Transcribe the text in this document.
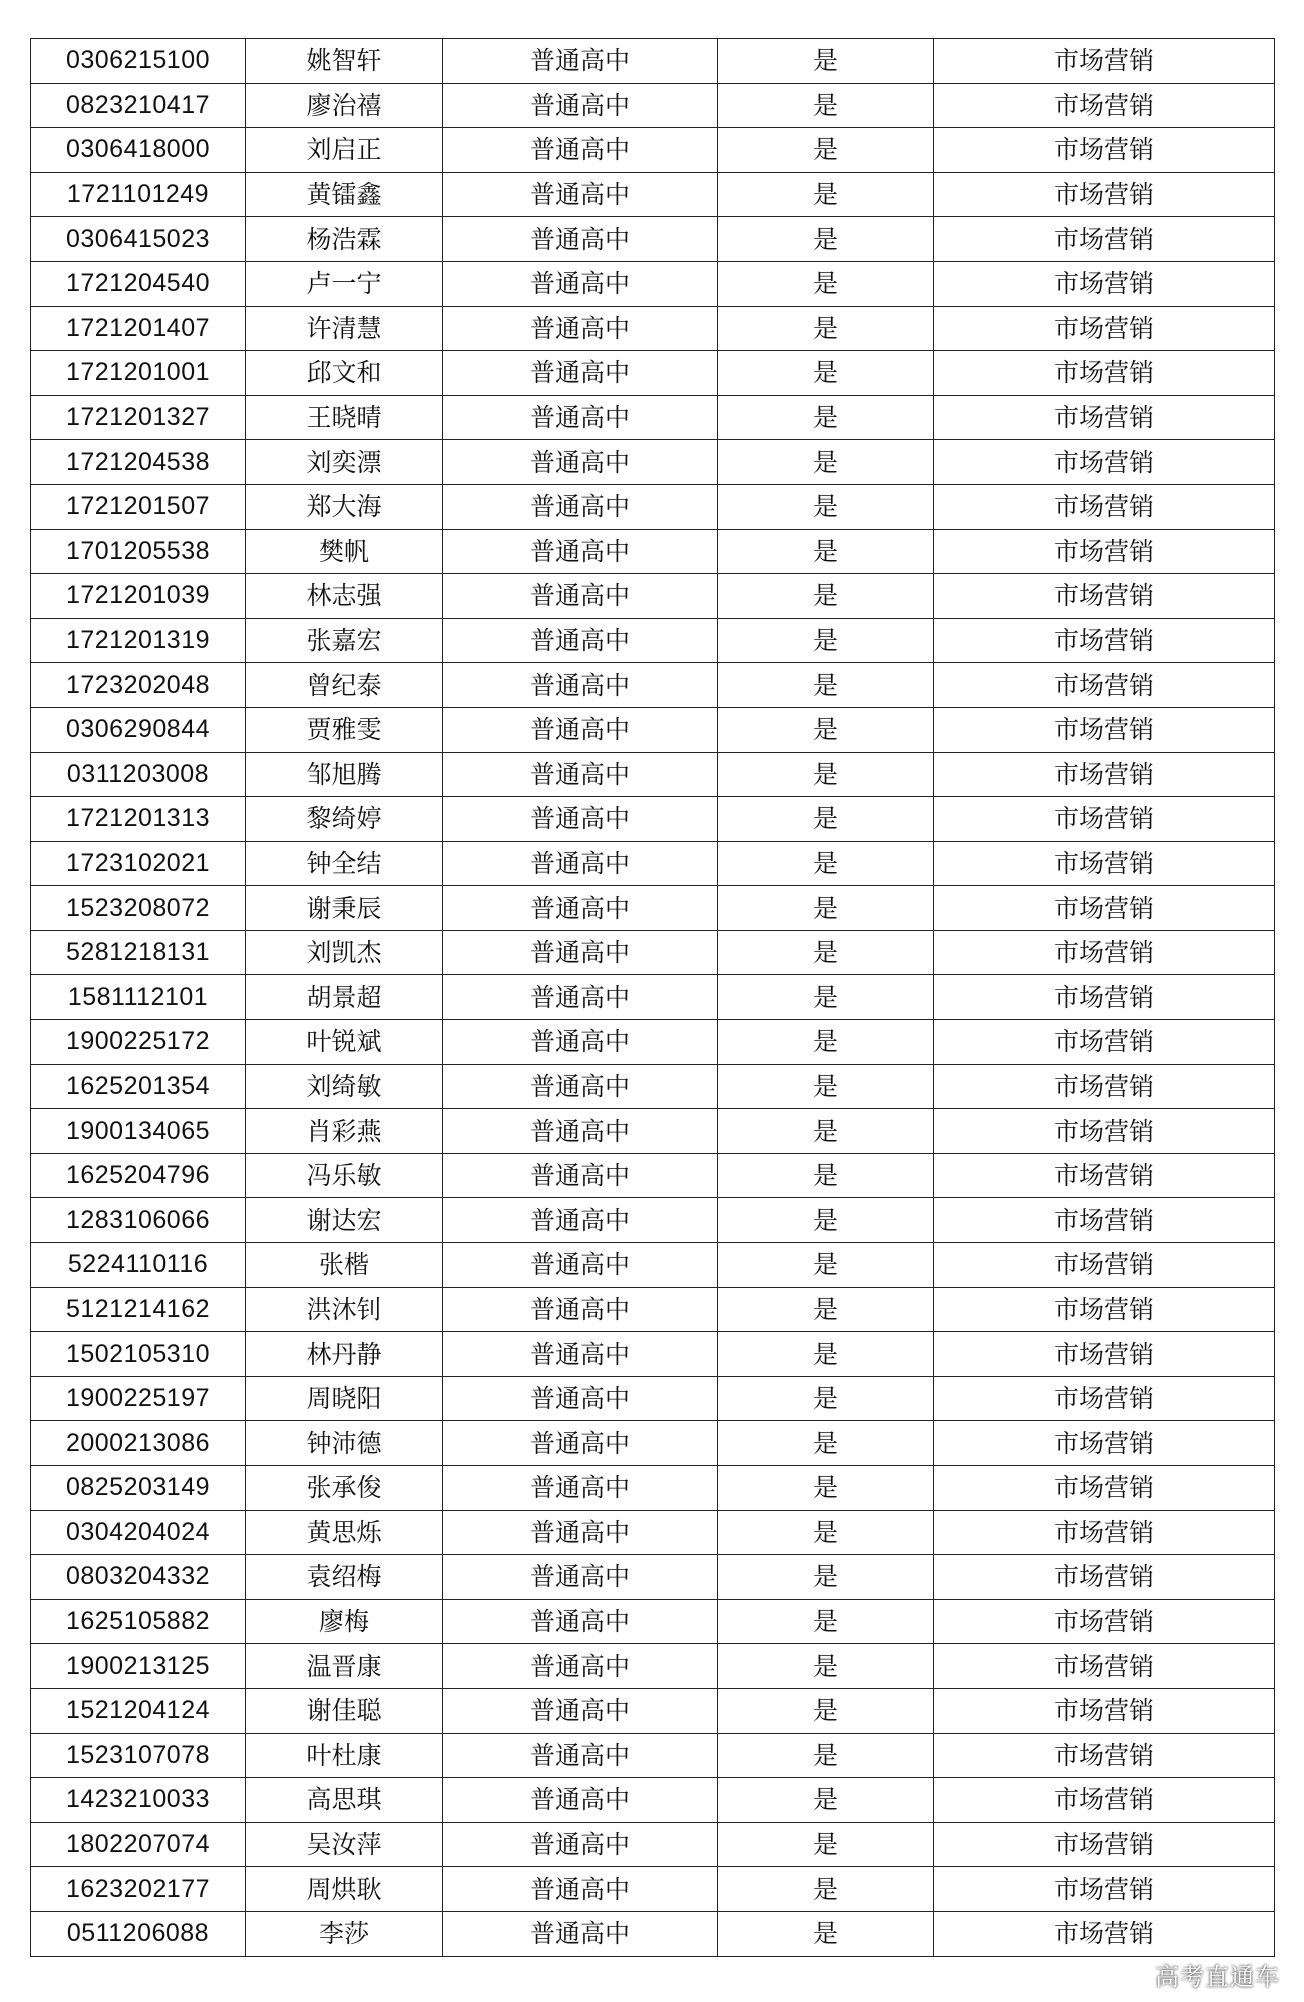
0306215100	姚智轩	普通高中	是	市场营销
0823210417	廖治禧	普通高中	是	市场营销
0306418000	刘启正	普通高中	是	市场营销
1721101249	黄镭鑫	普通高中	是	市场营销
0306415023	杨浩霖	普通高中	是	市场营销
1721204540	卢一宁	普通高中	是	市场营销
1721201407	许清慧	普通高中	是	市场营销
1721201001	邱文和	普通高中	是	市场营销
1721201327	王晓晴	普通高中	是	市场营销
1721204538	刘奕漂	普通高中	是	市场营销
1721201507	郑大海	普通高中	是	市场营销
1701205538	樊帆	普通高中	是	市场营销
1721201039	林志强	普通高中	是	市场营销
1721201319	张嘉宏	普通高中	是	市场营销
1723202048	曾纪泰	普通高中	是	市场营销
0306290844	贾雅雯	普通高中	是	市场营销
0311203008	邹旭腾	普通高中	是	市场营销
1721201313	黎绮婷	普通高中	是	市场营销
1723102021	钟全结	普通高中	是	市场营销
1523208072	谢秉辰	普通高中	是	市场营销
5281218131	刘凯杰	普通高中	是	市场营销
1581112101	胡景超	普通高中	是	市场营销
1900225172	叶锐斌	普通高中	是	市场营销
1625201354	刘绮敏	普通高中	是	市场营销
1900134065	肖彩燕	普通高中	是	市场营销
1625204796	冯乐敏	普通高中	是	市场营销
1283106066	谢达宏	普通高中	是	市场营销
5224110116	张楷	普通高中	是	市场营销
5121214162	洪沐钊	普通高中	是	市场营销
1502105310	林丹静	普通高中	是	市场营销
1900225197	周晓阳	普通高中	是	市场营销
2000213086	钟沛德	普通高中	是	市场营销
0825203149	张承俊	普通高中	是	市场营销
0304204024	黄思烁	普通高中	是	市场营销
0803204332	袁绍梅	普通高中	是	市场营销
1625105882	廖梅	普通高中	是	市场营销
1900213125	温晋康	普通高中	是	市场营销
1521204124	谢佳聪	普通高中	是	市场营销
1523107078	叶杜康	普通高中	是	市场营销
1423210033	高思琪	普通高中	是	市场营销
1802207074	吴汝萍	普通高中	是	市场营销
1623202177	周烘耿	普通高中	是	市场营销
0511206088	李莎	普通高中	是	市场营销
高考直通车
